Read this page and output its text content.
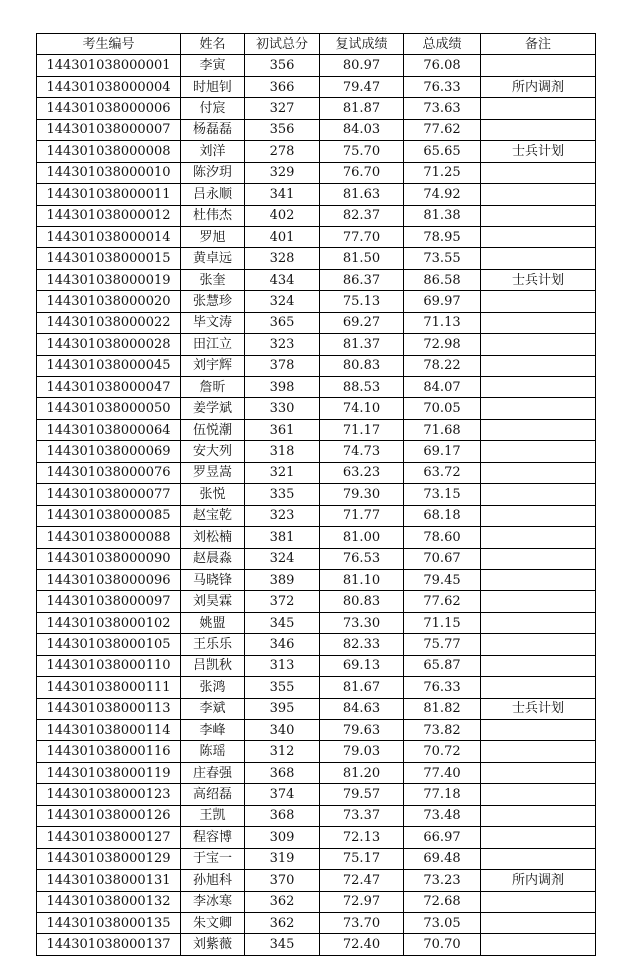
考生编号	姓名	初试总分	复试成绩	总成绩	备注
144301038000001	李寅	356	80.97	76.08	
144301038000004	时旭钊	366	79.47	76.33	所内调剂
144301038000006	付宸	327	81.87	73.63	
144301038000007	杨磊磊	356	84.03	77.62	
144301038000008	刘洋	278	75.70	65.65	士兵计划
144301038000010	陈汐玥	329	76.70	71.25	
144301038000011	吕永顺	341	81.63	74.92	
144301038000012	杜伟杰	402	82.37	81.38	
144301038000014	罗旭	401	77.70	78.95	
144301038000015	黄卓远	328	81.50	73.55	
144301038000019	张奎	434	86.37	86.58	士兵计划
144301038000020	张慧珍	324	75.13	69.97	
144301038000022	毕文涛	365	69.27	71.13	
144301038000028	田江立	323	81.37	72.98	
144301038000045	刘宇辉	378	80.83	78.22	
144301038000047	詹昕	398	88.53	84.07	
144301038000050	姜学斌	330	74.10	70.05	
144301038000064	伍悦潮	361	71.17	71.68	
144301038000069	安大列	318	74.73	69.17	
144301038000076	罗昱嵩	321	63.23	63.72	
144301038000077	张悦	335	79.30	73.15	
144301038000085	赵宝乾	323	71.77	68.18	
144301038000088	刘松楠	381	81.00	78.60	
144301038000090	赵晨淼	324	76.53	70.67	
144301038000096	马晓锋	389	81.10	79.45	
144301038000097	刘昊霖	372	80.83	77.62	
144301038000102	姚盟	345	73.30	71.15	
144301038000105	王乐乐	346	82.33	75.77	
144301038000110	吕凯秋	313	69.13	65.87	
144301038000111	张鸿	355	81.67	76.33	
144301038000113	李斌	395	84.63	81.82	士兵计划
144301038000114	李峰	340	79.63	73.82	
144301038000116	陈瑶	312	79.03	70.72	
144301038000119	庄春强	368	81.20	77.40	
144301038000123	高绍磊	374	79.57	77.18	
144301038000126	王凯	368	73.37	73.48	
144301038000127	程容博	309	72.13	66.97	
144301038000129	于宝一	319	75.17	69.48	
144301038000131	孙旭科	370	72.47	73.23	所内调剂
144301038000132	李冰寒	362	72.97	72.68	
144301038000135	朱文卿	362	73.70	73.05	
144301038000137	刘紫薇	345	72.40	70.70	
